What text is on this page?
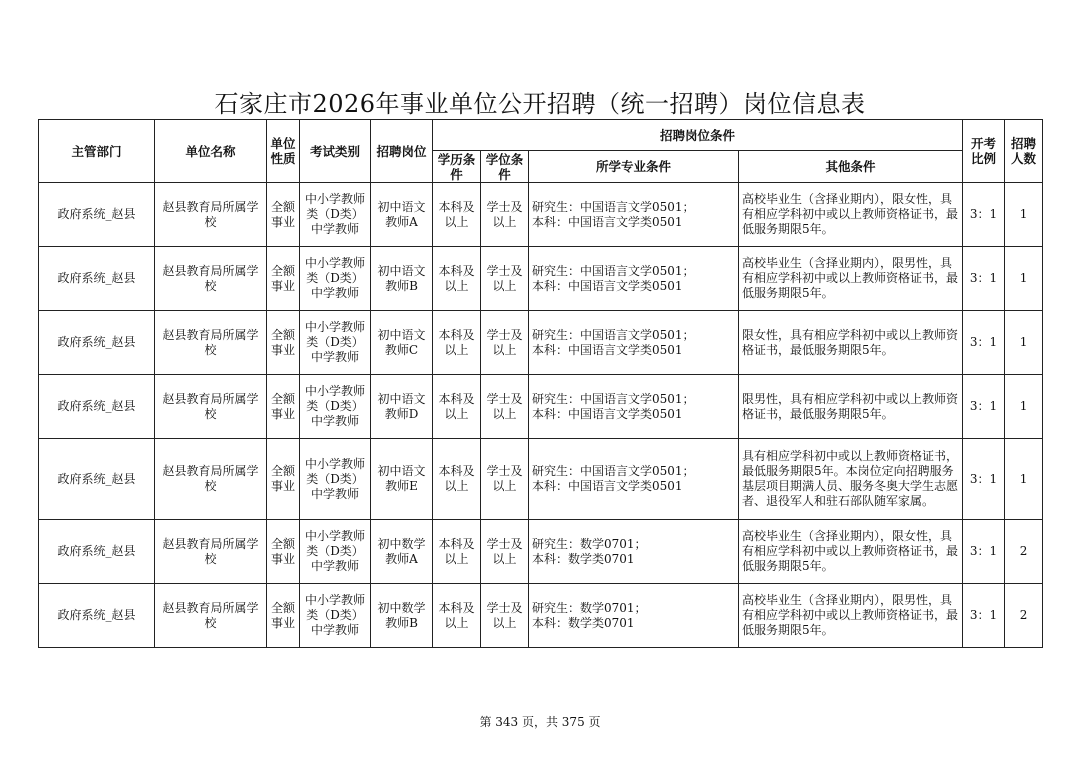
石家庄市2026年事业单位公开招聘（统一招聘）岗位信息表
主管部门	单位名称	单位性质	考试类别	招聘岗位	招聘岗位条件				开考比例	招聘人数
					学历条件	学位条件	所学专业条件	其他条件		
政府系统_赵县	赵县教育局所属学校	全额事业	中小学教师类（D类）中学教师	初中语文教师A	本科及以上	学士及以上	研究生：中国语言文学0501；
本科：中国语言文学类0501	高校毕业生（含择业期内），限女性，具有相应学科初中或以上教师资格证书，最低服务期限5年。	3：1	1
政府系统_赵县	赵县教育局所属学校	全额事业	中小学教师类（D类）中学教师	初中语文教师B	本科及以上	学士及以上	研究生：中国语言文学0501；
本科：中国语言文学类0501	高校毕业生（含择业期内），限男性，具有相应学科初中或以上教师资格证书，最低服务期限5年。	3：1	1
政府系统_赵县	赵县教育局所属学校	全额事业	中小学教师类（D类）中学教师	初中语文教师C	本科及以上	学士及以上	研究生：中国语言文学0501；
本科：中国语言文学类0501	限女性，具有相应学科初中或以上教师资格证书，最低服务期限5年。	3：1	1
政府系统_赵县	赵县教育局所属学校	全额事业	中小学教师类（D类）中学教师	初中语文教师D	本科及以上	学士及以上	研究生：中国语言文学0501；
本科：中国语言文学类0501	限男性，具有相应学科初中或以上教师资格证书，最低服务期限5年。	3：1	1
政府系统_赵县	赵县教育局所属学校	全额事业	中小学教师类（D类）中学教师	初中语文教师E	本科及以上	学士及以上	研究生：中国语言文学0501；
本科：中国语言文学类0501	具有相应学科初中或以上教师资格证书，最低服务期限5年。本岗位定向招聘服务基层项目期满人员、服务冬奥大学生志愿者、退役军人和驻石部队随军家属。	3：1	1
政府系统_赵县	赵县教育局所属学校	全额事业	中小学教师类（D类）中学教师	初中数学教师A	本科及以上	学士及以上	研究生：数学0701；
本科：数学类0701	高校毕业生（含择业期内），限女性，具有相应学科初中或以上教师资格证书，最低服务期限5年。	3：1	2
政府系统_赵县	赵县教育局所属学校	全额事业	中小学教师类（D类）中学教师	初中数学教师B	本科及以上	学士及以上	研究生：数学0701；
本科：数学类0701	高校毕业生（含择业期内），限男性，具有相应学科初中或以上教师资格证书，最低服务期限5年。	3：1	2
第 343 页，共 375 页
